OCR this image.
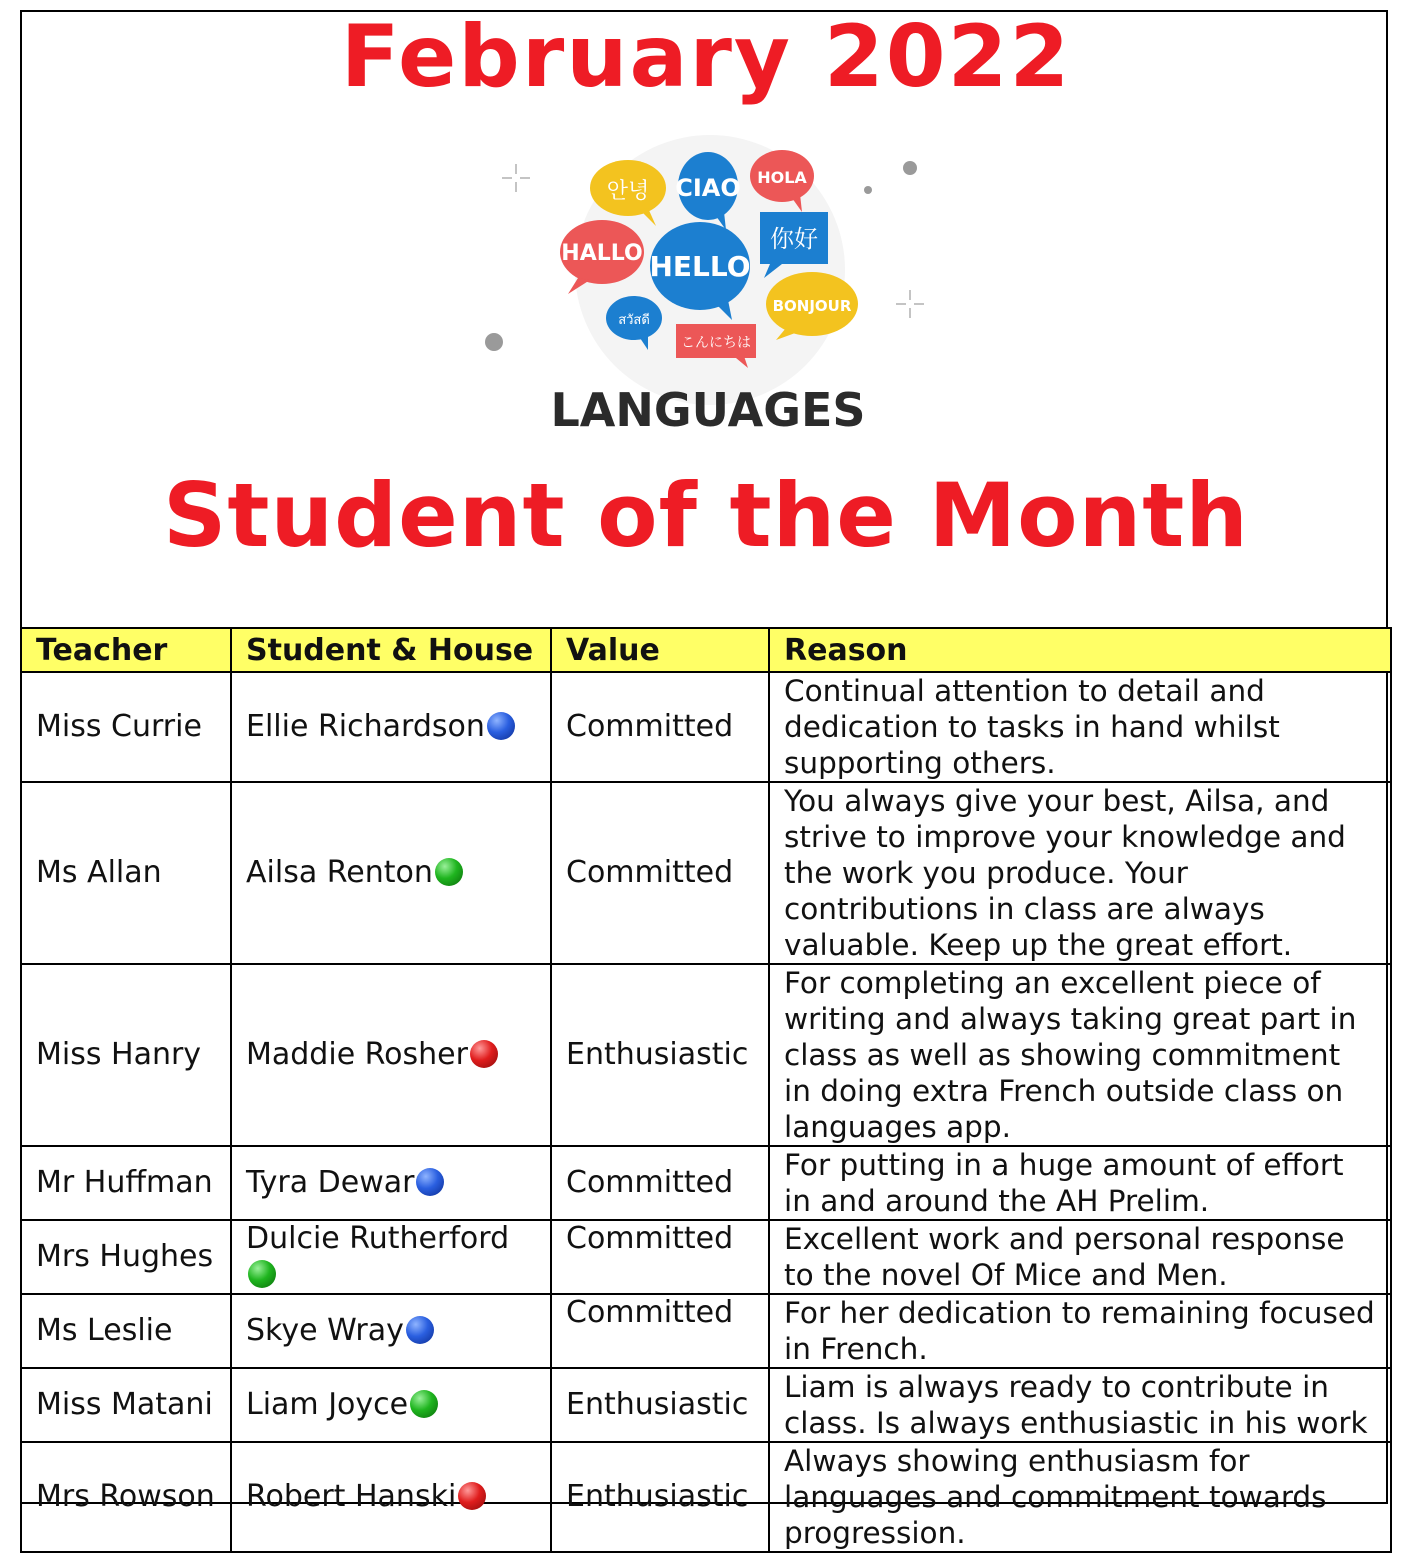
February 2022
안녕 CIAO HOLA
HALLO HELLO
你好
BONJOUR
สวัสดี
こんにちは
LANGUAGES
Student of the Month
Teacher	Student & House	Value	Reason
Miss Currie	Ellie Richardson	Committed	Continual attention to detail and dedication to tasks in hand whilst supporting others.
Ms Allan	Ailsa Renton	Committed	You always give your best, Ailsa, and strive to improve your knowledge and the work you produce. Your contributions in class are always valuable. Keep up the great effort.
Miss Hanry	Maddie Rosher	Enthusiastic	For completing an excellent piece of writing and always taking great part in class as well as showing commitment in doing extra French outside class on languages app.
Mr Huffman	Tyra Dewar	Committed	For putting in a huge amount of effort in and around the AH Prelim.
Mrs Hughes	Dulcie Rutherford	Committed	Excellent work and personal response to the novel Of Mice and Men.
Ms Leslie	Skye Wray	Committed	For her dedication to remaining focused in French.
Miss Matani	Liam Joyce	Enthusiastic	Liam is always ready to contribute in class. Is always enthusiastic in his work
Mrs Rowson	Robert Hanski	Enthusiastic	Always showing enthusiasm for languages and commitment towards progression.
